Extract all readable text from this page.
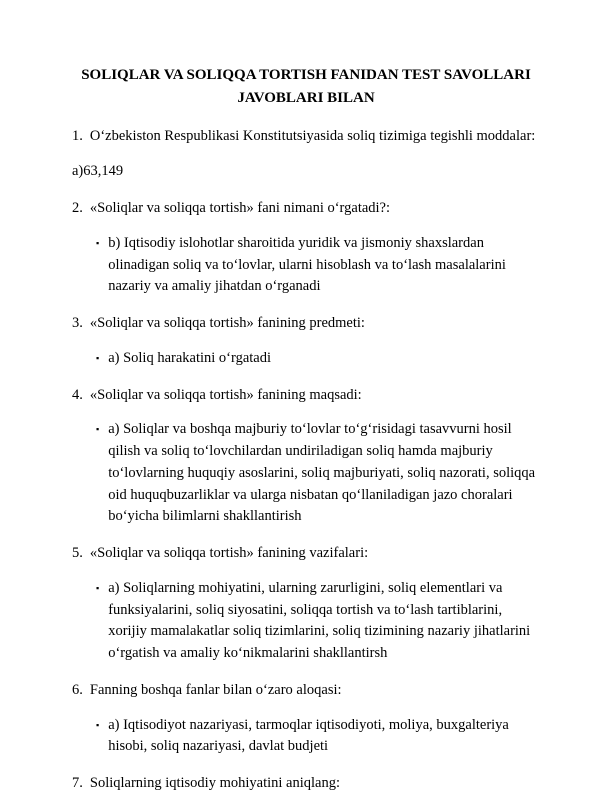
SOLIQLAR VA SOLIQQA TORTISH FANIDAN TEST SAVOLLARI
JAVOBLARI BILAN

1. O‘zbekiston Respublikasi Konstitutsiyasida soliq tizimiga tegishli moddalar:

a)63,149

2. «Soliqlar va soliqqa tortish» fani nimani o‘rgatadi?:

▪ b) Iqtisodiy islohotlar sharoitida yuridik va jismoniy shaxslardan olinadigan soliq va to‘lovlar, ularni hisoblash va to‘lash masalalarini nazariy va amaliy jihatdan o‘rganadi

3. «Soliqlar va soliqqa tortish» fanining predmeti:

▪ a) Soliq harakatini o‘rgatadi

4. «Soliqlar va soliqqa tortish» fanining maqsadi:

▪ a) Soliqlar va boshqa majburiy to‘lovlar to‘g‘risidagi tasavvurni hosil qilish va soliq to‘lovchilardan undiriladigan soliq hamda majburiy to‘lovlarning huquqiy asoslarini, soliq majburiyati, soliq nazorati, soliqqa oid huquqbuzarliklar va ularga nisbatan qo‘llaniladigan jazo choralari bo‘yicha bilimlarni shakllantirish

5. «Soliqlar va soliqqa tortish» fanining vazifalari:

▪ a) Soliqlarning mohiyatini, ularning zarurligini, soliq elementlari va funksiyalarini, soliq siyosatini, soliqqa tortish va to‘lash tartiblarini, xorijiy mamalakatlar soliq tizimlarini, soliq tizimining nazariy jihatlarini o‘rgatish va amaliy ko‘nikmalarini shakllantirsh

6. Fanning boshqa fanlar bilan o‘zaro aloqasi:

▪ a) Iqtisodiyot nazariyasi, tarmoqlar iqtisodiyoti, moliya, buxgalteriya hisobi, soliq nazariyasi, davlat budjeti

7. Soliqlarning iqtisodiy mohiyatini aniqlang:
